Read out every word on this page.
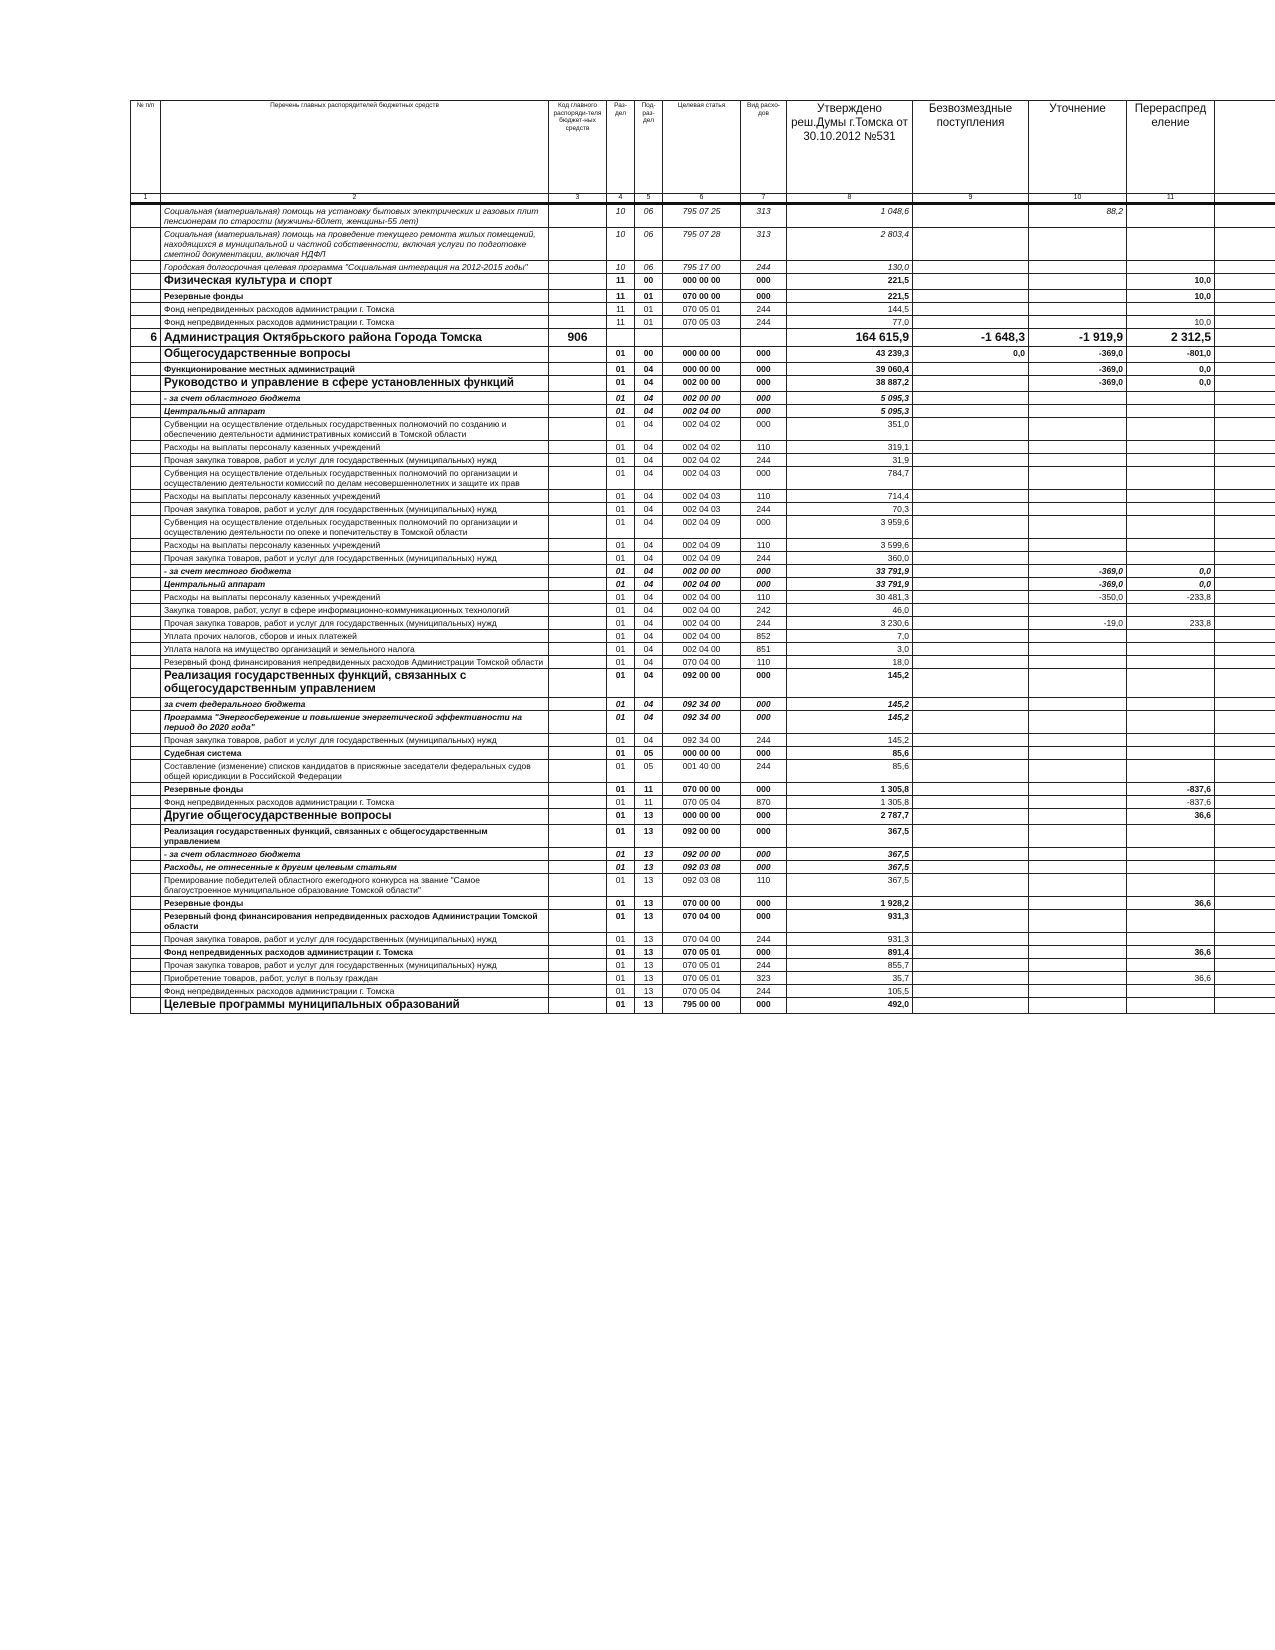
№ п/п	Перечень главных распорядителей бюджетных средств	Код главного распоряди-теля бюджет-ных средств	Раз-дел	Под-раз-дел	Целевая статья	Вид расхо-дов	Утверждено реш.Думы г.Томска от 30.10.2012 №531	Безвозмездные поступления	Уточнение	Перераспред еление	
1	2	3	4	5	6	7	8	9	10	11	
	Социальная (материальная) помощь на установку бытовых электрических и газовых плит пенсионерам по старости (мужчины-60лет, женщины-55 лет)		10	06	795 07 25	313	1 048,6		88,2		
	Социальная (материальная) помощь на проведение текущего ремонта жилых помещений, находящихся в муниципальной и частной собственности, включая услуги по подготовке сметной документации, включая НДФЛ		10	06	795 07 28	313	2 803,4				
	Городская долгосрочная целевая программа "Социальная интеграция на 2012-2015 годы"		10	06	795 17 00	244	130,0				
	Физическая культура и спорт		11	00	000 00 00	000	221,5			10,0	
	Резервные фонды		11	01	070 00 00	000	221,5			10,0	
	Фонд непредвиденных расходов администрации г. Томска		11	01	070 05 01	244	144,5				
	Фонд непредвиденных расходов администрации г. Томска		11	01	070 05 03	244	77,0			10,0	
6	Администрация Октябрьского района Города Томска	906					164 615,9	-1 648,3	-1 919,9	2 312,5	
	Общегосударственные вопросы		01	00	000 00 00	000	43 239,3	0,0	-369,0	-801,0	
	Функционирование местных администраций		01	04	000 00 00	000	39 060,4		-369,0	0,0	
	Руководство и управление в сфере установленных функций		01	04	002 00 00	000	38 887,2		-369,0	0,0	
	- за счет областного бюджета		01	04	002 00 00	000	5 095,3				
	Центральный аппарат		01	04	002 04 00	000	5 095,3				
	Субвенции на осуществление отдельных государственных полномочий по созданию и обеспечению деятельности административных комиссий в Томской области		01	04	002 04 02	000	351,0				
	Расходы на выплаты персоналу казенных учреждений		01	04	002 04 02	110	319,1				
	Прочая закупка товаров, работ и услуг для государственных (муниципальных) нужд		01	04	002 04 02	244	31,9				
	Субвенция на осуществление отдельных государственных полномочий по организации и осуществлению деятельности комиссий по делам несовершеннолетних и защите их прав		01	04	002 04 03	000	784,7				
	Расходы на выплаты персоналу казенных учреждений		01	04	002 04 03	110	714,4				
	Прочая закупка товаров, работ и услуг для государственных (муниципальных) нужд		01	04	002 04 03	244	70,3				
	Субвенция на осуществление отдельных государственных полномочий по организации и осуществлению деятельности по опеке и попечительству в Томской области		01	04	002 04 09	000	3 959,6				
	Расходы на выплаты персоналу казенных учреждений		01	04	002 04 09	110	3 599,6				
	Прочая закупка товаров, работ и услуг для государственных (муниципальных) нужд		01	04	002 04 09	244	360,0				
	- за счет местного бюджета		01	04	002 00 00	000	33 791,9		-369,0	0,0	
	Центральный аппарат		01	04	002 04 00	000	33 791,9		-369,0	0,0	
	Расходы на выплаты персоналу казенных учреждений		01	04	002 04 00	110	30 481,3		-350,0	-233,8	
	Закупка товаров, работ, услуг в сфере информационно-коммуникационных технологий		01	04	002 04 00	242	46,0				
	Прочая закупка товаров, работ и услуг для государственных (муниципальных) нужд		01	04	002 04 00	244	3 230,6		-19,0	233,8	
	Уплата прочих налогов, сборов и иных платежей		01	04	002 04 00	852	7,0				
	Уплата налога на имущество организаций и земельного налога		01	04	002 04 00	851	3,0				
	Резервный фонд финансирования непредвиденных расходов Администрации Томской области		01	04	070 04 00	110	18,0				
	Реализация государственных функций, связанных с общегосударственным управлением		01	04	092 00 00	000	145,2				
	за счет федерального бюджета		01	04	092 34 00	000	145,2				
	Программа "Энергосбережение и повышение энергетической эффективности на период до 2020 года"		01	04	092 34 00	000	145,2				
	Прочая закупка товаров, работ и услуг для государственных (муниципальных) нужд		01	04	092 34 00	244	145,2				
	Судебная система		01	05	000 00 00	000	85,6				
	Составление (изменение) списков кандидатов в присяжные заседатели федеральных судов общей юрисдикции в Российской Федерации		01	05	001 40 00	244	85,6				
	Резервные фонды		01	11	070 00 00	000	1 305,8			-837,6	
	Фонд непредвиденных расходов администрации г. Томска		01	11	070 05 04	870	1 305,8			-837,6	
	Другие общегосударственные вопросы		01	13	000 00 00	000	2 787,7			36,6	
	Реализация государственных функций, связанных с общегосударственным управлением		01	13	092 00 00	000	367,5				
	- за счет областного бюджета		01	13	092 00 00	000	367,5				
	Расходы, не отнесенные к другим целевым статьям		01	13	092 03 08	000	367,5				
	Премирование победителей областного ежегодного конкурса на звание "Самое благоустроенное муниципальное образование Томской области"		01	13	092 03 08	110	367,5				
	Резервные фонды		01	13	070 00 00	000	1 928,2			36,6	
	Резервный фонд финансирования непредвиденных расходов Администрации Томской области		01	13	070 04 00	000	931,3				
	Прочая закупка товаров, работ и услуг для государственных (муниципальных) нужд		01	13	070 04 00	244	931,3				
	Фонд непредвиденных расходов администрации г. Томска		01	13	070 05 01	000	891,4			36,6	
	Прочая закупка товаров, работ и услуг для государственных (муниципальных) нужд		01	13	070 05 01	244	855,7				
	Приобретение товаров, работ, услуг в пользу граждан		01	13	070 05 01	323	35,7			36,6	
	Фонд непредвиденных расходов администрации г. Томска		01	13	070 05 04	244	105,5				
	Целевые программы муниципальных образований		01	13	795 00 00	000	492,0				
